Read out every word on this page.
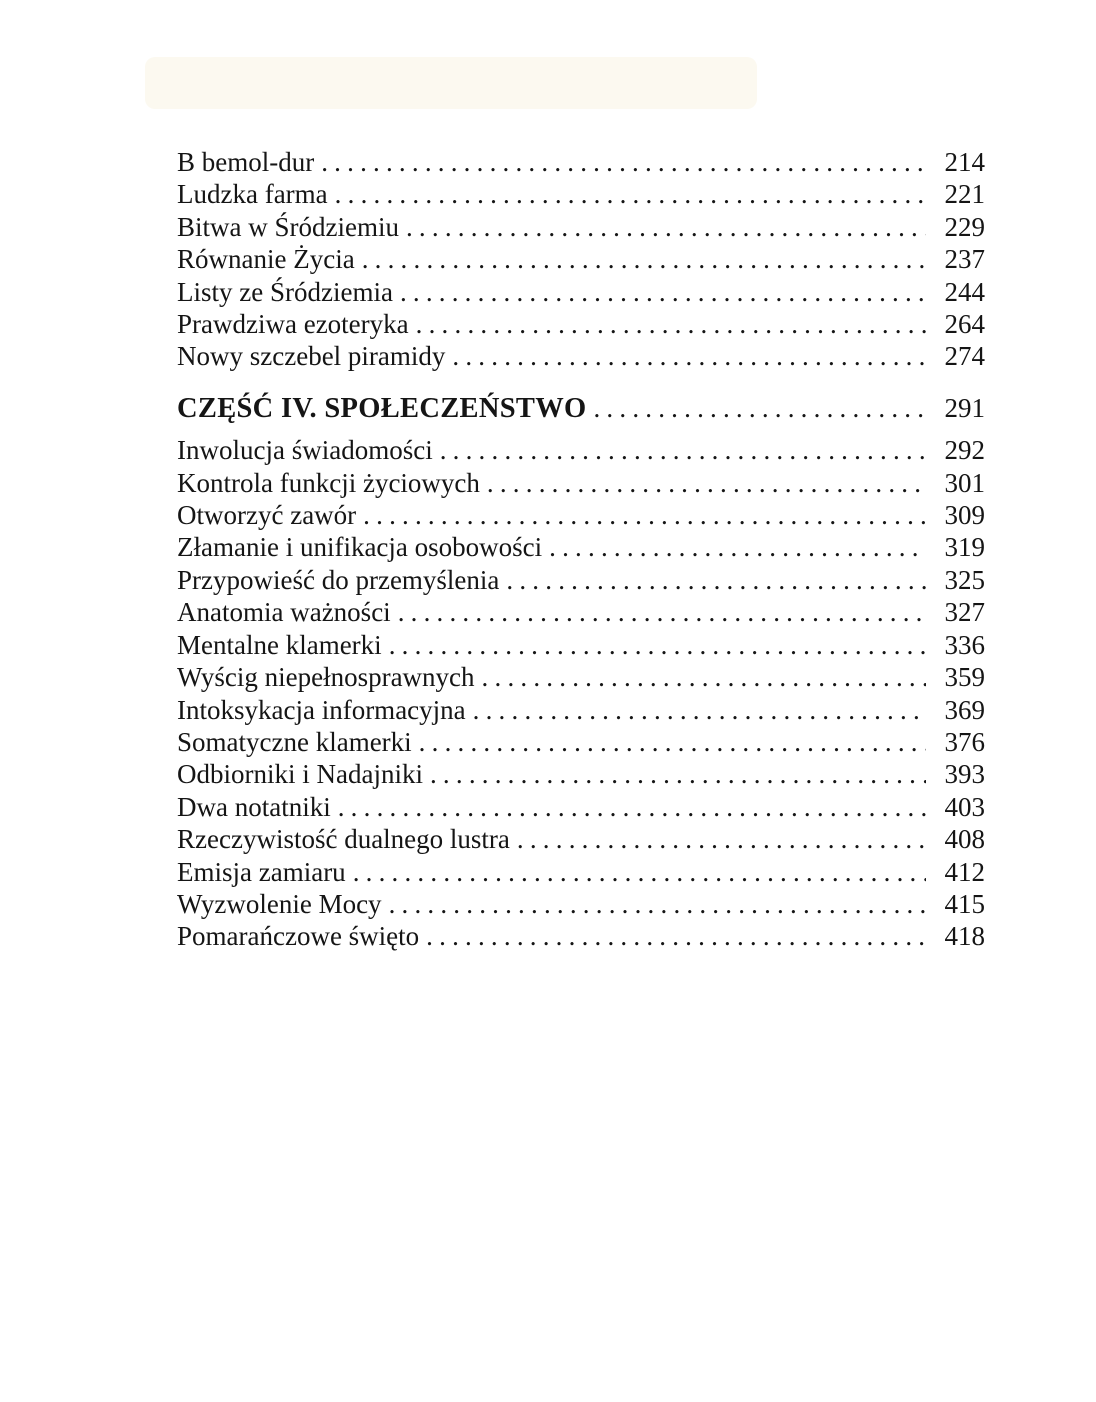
B bemol-dur .....	214
Ludzka farma .....	221
Bitwa w Śródziemiu .....	229
Równanie Życia .....	237
Listy ze Śródziemia .....	244
Prawdziwa ezoteryka .....	264
Nowy szczebel piramidy .....	274
CZĘŚĆ IV. SPOŁECZEŃSTWO .....	291
Inwolucja świadomości .....	292
Kontrola funkcji życiowych .....	301
Otworzyć zawór .....	309
Złamanie i unifikacja osobowości .....	319
Przypowieść do przemyślenia .....	325
Anatomia ważności .....	327
Mentalne klamerki .....	336
Wyścig niepełnosprawnych .....	359
Intoksykacja informacyjna .....	369
Somatyczne klamerki .....	376
Odbiorniki i Nadajniki .....	393
Dwa notatniki .....	403
Rzeczywistość dualnego lustra .....	408
Emisja zamiaru .....	412
Wyzwolenie Mocy .....	415
Pomarańczowe święto .....	418
